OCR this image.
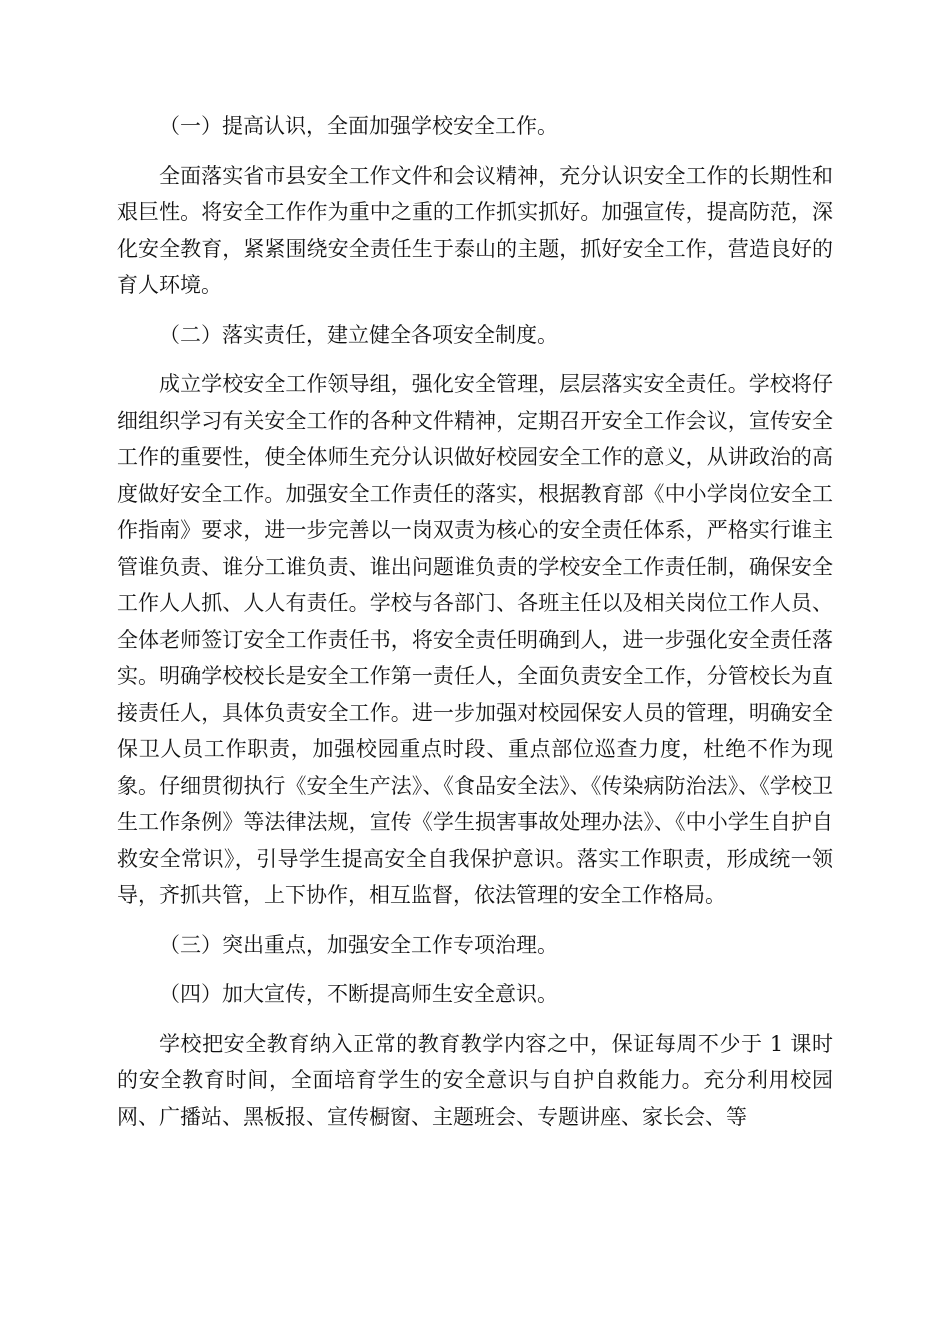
（一）提高认识，全面加强学校安全工作。

全面落实省市县安全工作文件和会议精神，充分认识安全工作的长期性和艰巨性。将安全工作作为重中之重的工作抓实抓好。加强宣传，提高防范，深化安全教育，紧紧围绕安全责任生于泰山的主题，抓好安全工作，营造良好的育人环境。

（二）落实责任，建立健全各项安全制度。

成立学校安全工作领导组，强化安全管理，层层落实安全责任。学校将仔细组织学习有关安全工作的各种文件精神，定期召开安全工作会议，宣传安全工作的重要性，使全体师生充分认识做好校园安全工作的意义，从讲政治的高度做好安全工作。加强安全工作责任的落实，根据教育部《中小学岗位安全工作指南》要求，进一步完善以一岗双责为核心的安全责任体系，严格实行谁主管谁负责、谁分工谁负责、谁出问题谁负责的学校安全工作责任制，确保安全工作人人抓、人人有责任。学校与各部门、各班主任以及相关岗位工作人员、全体老师签订安全工作责任书，将安全责任明确到人，进一步强化安全责任落实。明确学校校长是安全工作第一责任人，全面负责安全工作，分管校长为直接责任人，具体负责安全工作。进一步加强对校园保安人员的管理，明确安全保卫人员工作职责，加强校园重点时段、重点部位巡查力度，杜绝不作为现象。仔细贯彻执行《安全生产法》、《食品安全法》、《传染病防治法》、《学校卫生工作条例》等法律法规，宣传《学生损害事故处理办法》、《中小学生自护自救安全常识》，引导学生提高安全自我保护意识。落实工作职责，形成统一领导，齐抓共管，上下协作，相互监督，依法管理的安全工作格局。

（三）突出重点，加强安全工作专项治理。

（四）加大宣传，不断提高师生安全意识。

学校把安全教育纳入正常的教育教学内容之中，保证每周不少于 1 课时的安全教育时间，全面培育学生的安全意识与自护自救能力。充分利用校园网、广播站、黑板报、宣传橱窗、主题班会、专题讲座、家长会、等
